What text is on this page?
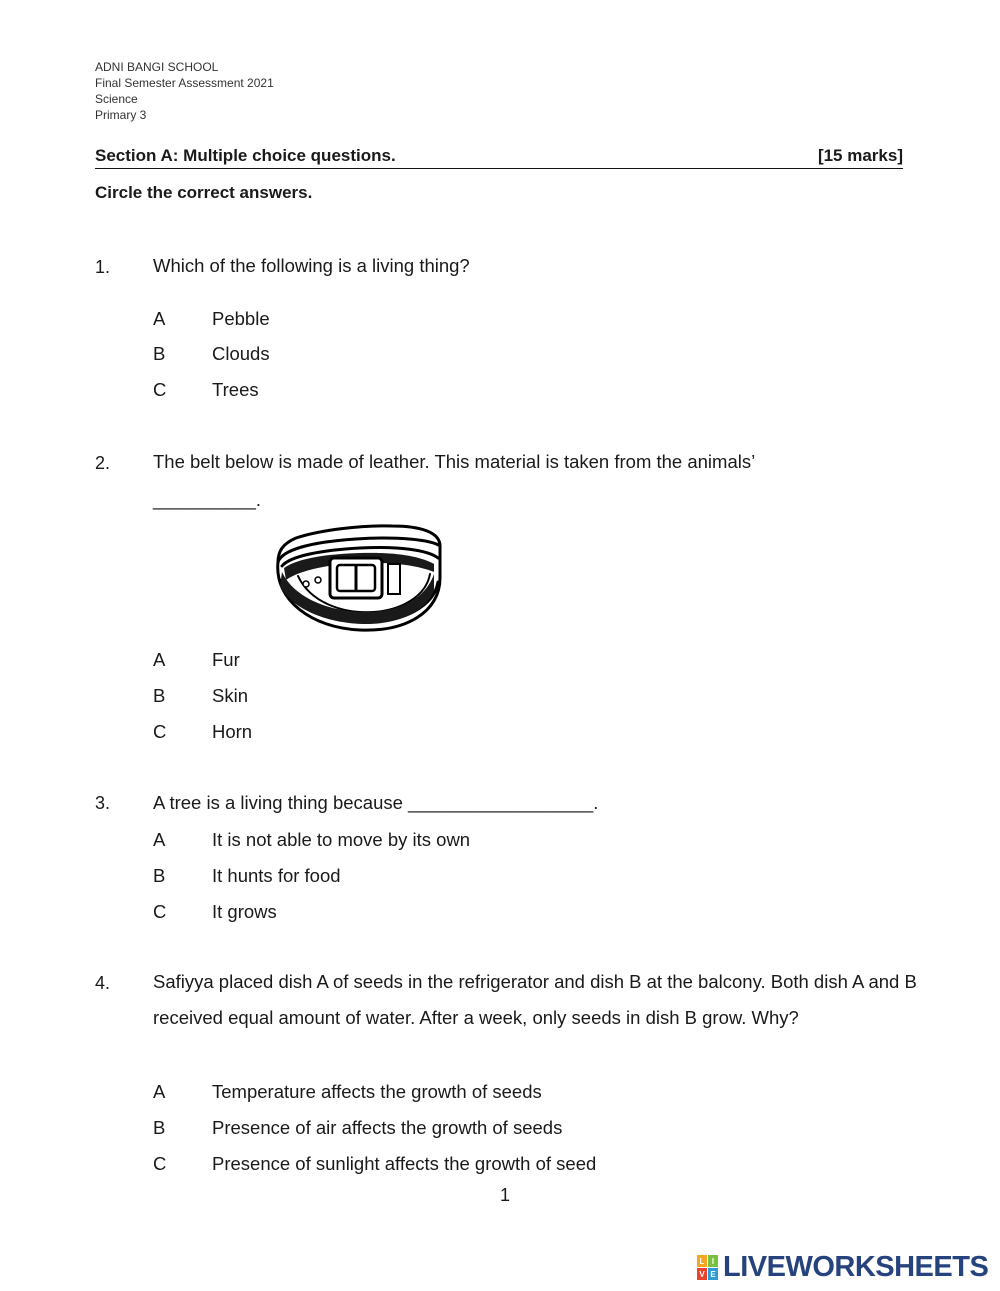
ADNI BANGI SCHOOL
Final Semester Assessment 2021
Science
Primary 3
Section A: Multiple choice questions.	[15 marks]
Circle the correct answers.
1. Which of the following is a living thing?
A	Pebble
B	Clouds
C Trees
2. The belt below is made of leather. This material is taken from the animals’
__________.
A	Fur
B	Skin
C Horn
3. A tree is a living thing because __________________.
A	It is not able to move by its own
B	It hunts for food
C It grows
4. Safiyya placed dish A of seeds in the refrigerator and dish B at the balcony. Both dish A and B received equal amount of water. After a week, only seeds in dish B grow. Why?
A	Temperature affects the growth of seeds
B	Presence of air affects the growth of seeds
C Presence of sunlight affects the growth of seed
1
L I
V E LIVEWORKSHEETS
